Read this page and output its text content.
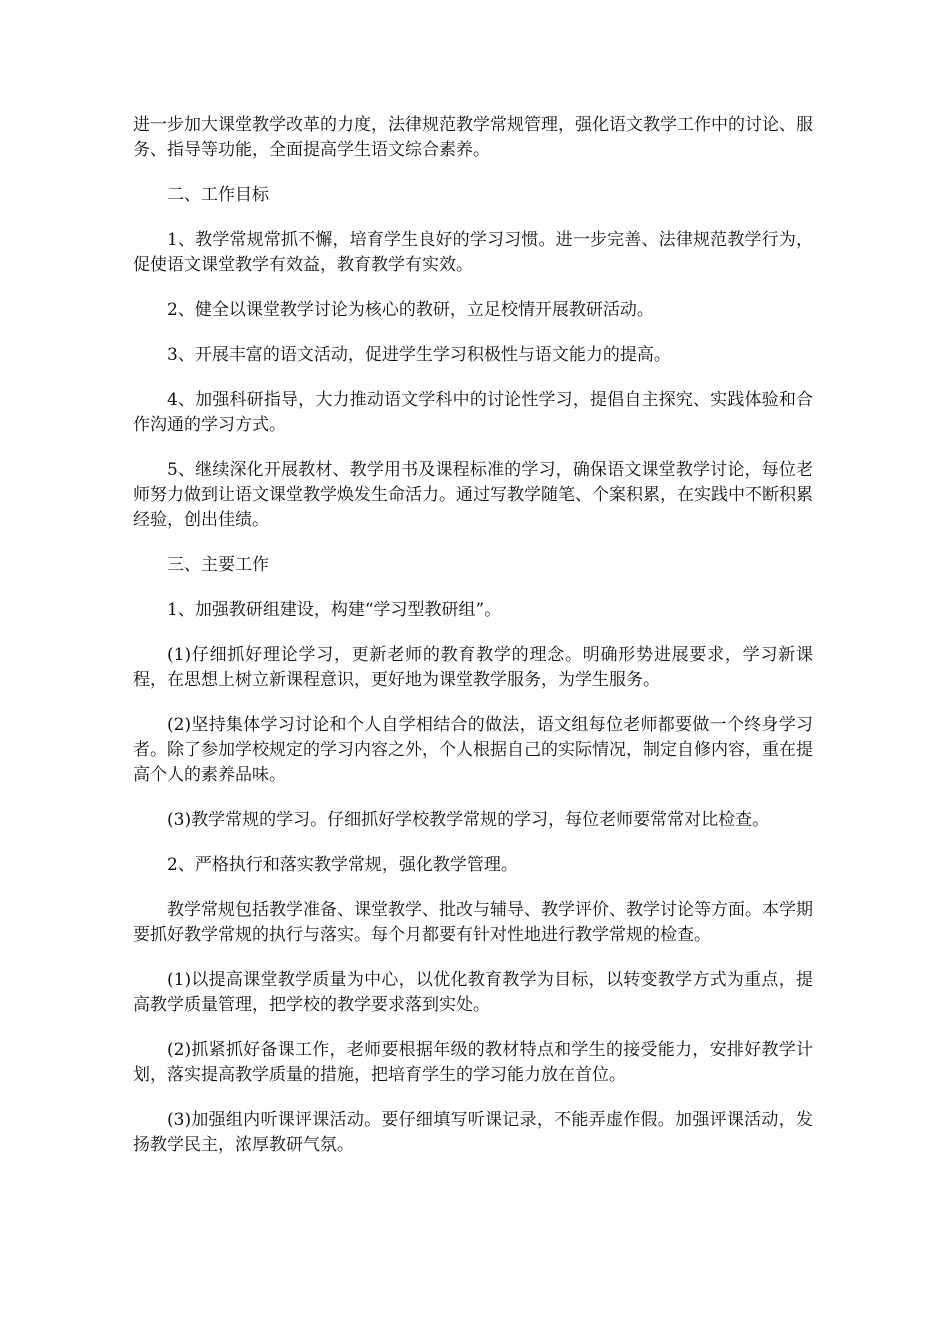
进一步加大课堂教学改革的力度，法律规范教学常规管理，强化语文教学工作中的讨论、服务、指导等功能，全面提高学生语文综合素养。

二、工作目标

1、教学常规常抓不懈，培育学生良好的学习习惯。进一步完善、法律规范教学行为，促使语文课堂教学有效益，教育教学有实效。

2、健全以课堂教学讨论为核心的教研，立足校情开展教研活动。

3、开展丰富的语文活动，促进学生学习积极性与语文能力的提高。

4、加强科研指导，大力推动语文学科中的讨论性学习，提倡自主探究、实践体验和合作沟通的学习方式。

5、继续深化开展教材、教学用书及课程标准的学习，确保语文课堂教学讨论，每位老师努力做到让语文课堂教学焕发生命活力。通过写教学随笔、个案积累，在实践中不断积累经验，创出佳绩。

三、主要工作

1、加强教研组建设，构建“学习型教研组”。

(1)仔细抓好理论学习，更新老师的教育教学的理念。明确形势进展要求，学习新课程，在思想上树立新课程意识，更好地为课堂教学服务，为学生服务。

(2)坚持集体学习讨论和个人自学相结合的做法，语文组每位老师都要做一个终身学习者。除了参加学校规定的学习内容之外，个人根据自己的实际情况，制定自修内容，重在提高个人的素养品味。

(3)教学常规的学习。仔细抓好学校教学常规的学习，每位老师要常常对比检查。

2、严格执行和落实教学常规，强化教学管理。

教学常规包括教学准备、课堂教学、批改与辅导、教学评价、教学讨论等方面。本学期要抓好教学常规的执行与落实。每个月都要有针对性地进行教学常规的检查。

(1)以提高课堂教学质量为中心，以优化教育教学为目标，以转变教学方式为重点，提高教学质量管理，把学校的教学要求落到实处。

(2)抓紧抓好备课工作，老师要根据年级的教材特点和学生的接受能力，安排好教学计划，落实提高教学质量的措施，把培育学生的学习能力放在首位。

(3)加强组内听课评课活动。要仔细填写听课记录，不能弄虚作假。加强评课活动，发扬教学民主，浓厚教研气氛。
